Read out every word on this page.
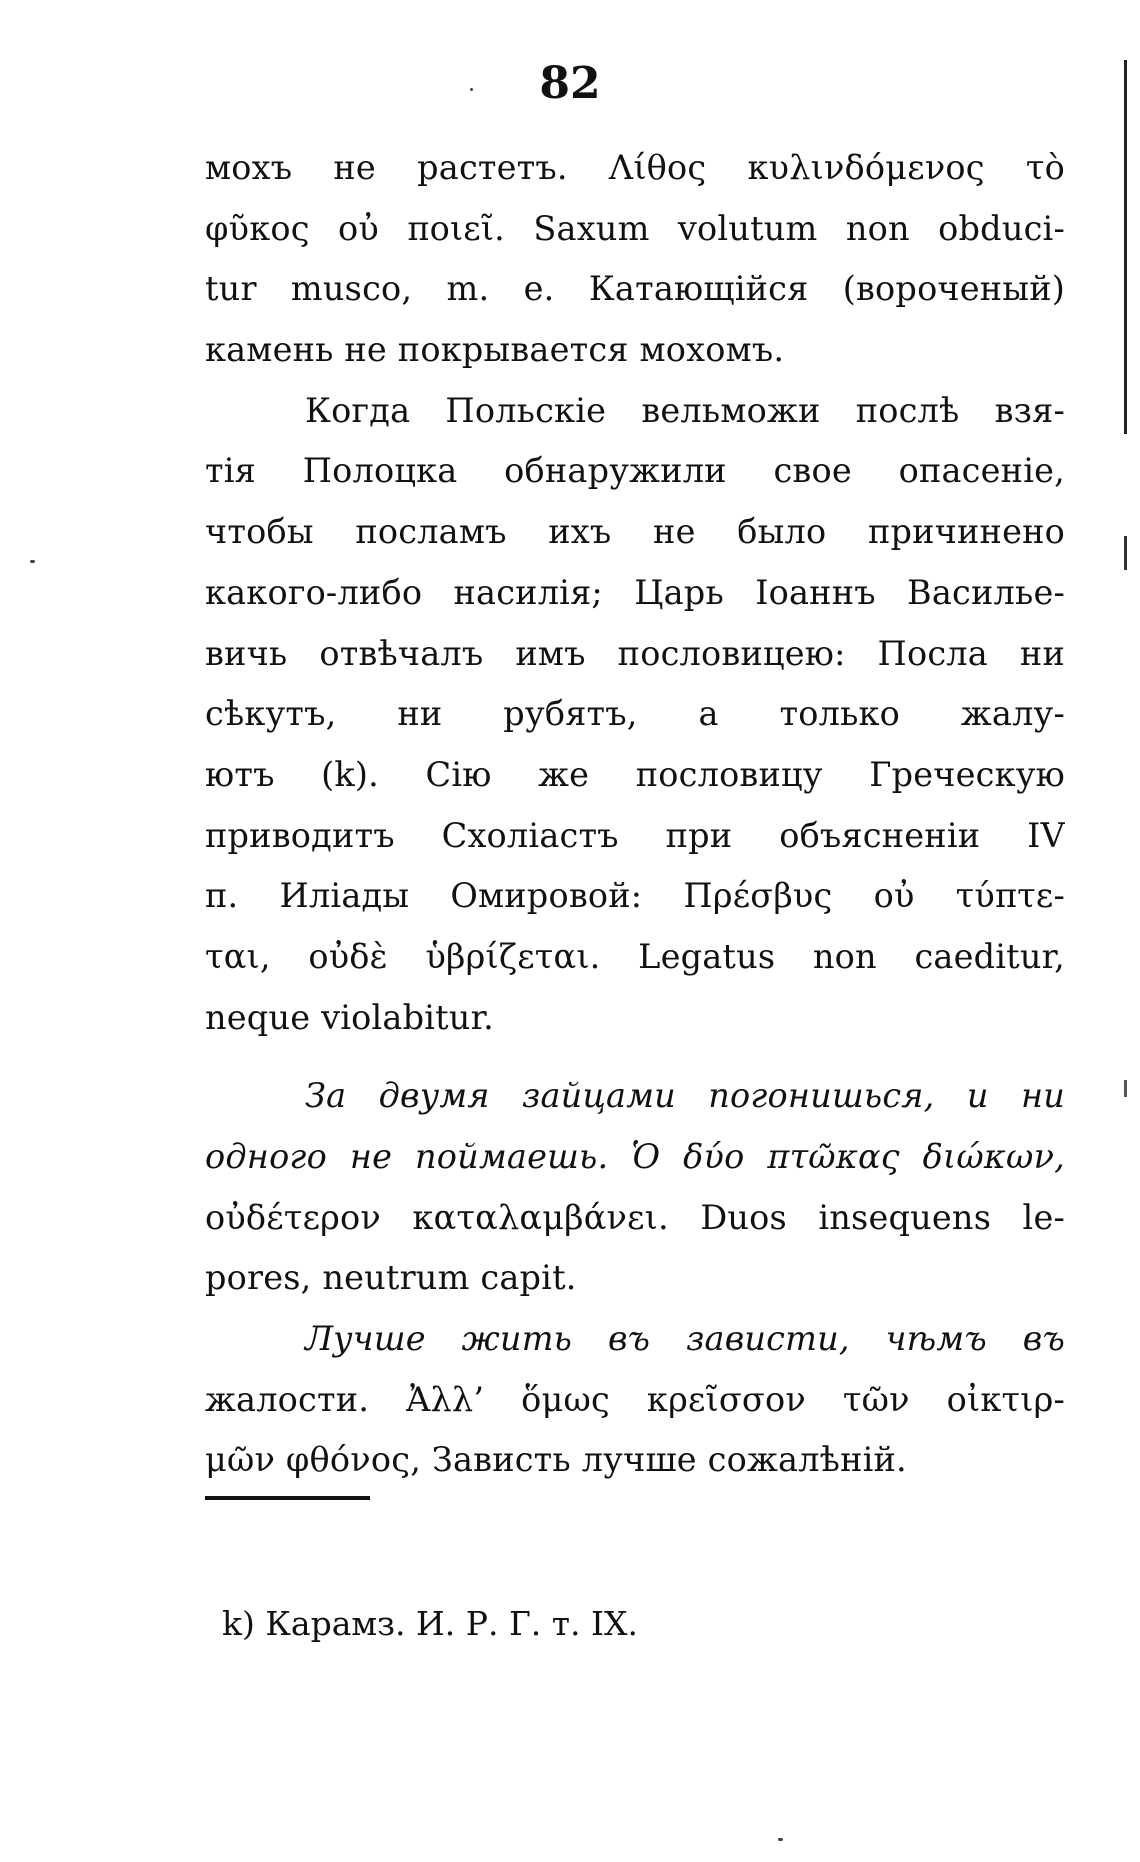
82
мохъ не растетъ. Λίθος κυλινδόμενος τὸ
φῦκος οὐ ποιεῖ. Saxum volutum non obduci-
tur musco, m. e. Катающійся (вороченый)
камень не покрывается мохомъ.
Когда Польскіе вельможи послѣ взя-
тія Полоцка обнаружили свое опасеніе,
чтобы посламъ ихъ не было причинено
какого-либо насилія; Царь Іоаннъ Василье-
вичь отвѣчалъ имъ пословицею: Посла ни
сѣкутъ, ни рубятъ, а только жалу-
ютъ (k). Сію же пословицу Греческую
приводитъ Схоліастъ при объясненіи IV
п. Иліады Омировой: Πρέσβυς οὐ τύπτε-
ται, οὐδὲ ὑβρίζεται. Legatus non caeditur,
neque violabitur.
За двумя зайцами погонишься, и ни
одного не поймаешь. Ὁ δύο πτῶκας διώκων,
οὐδέτερον καταλαμβάνει. Duos insequens le-
pores, neutrum capit.
Лучше жить въ зависти, чѣмъ въ
жалости. Ἀλλ’ ὅμως κρεῖσσον τῶν οἰκτιρ-
μῶν φθόνος, Зависть лучше сожалѣній.
k) Карамз. И. Р. Г. т. IX.
